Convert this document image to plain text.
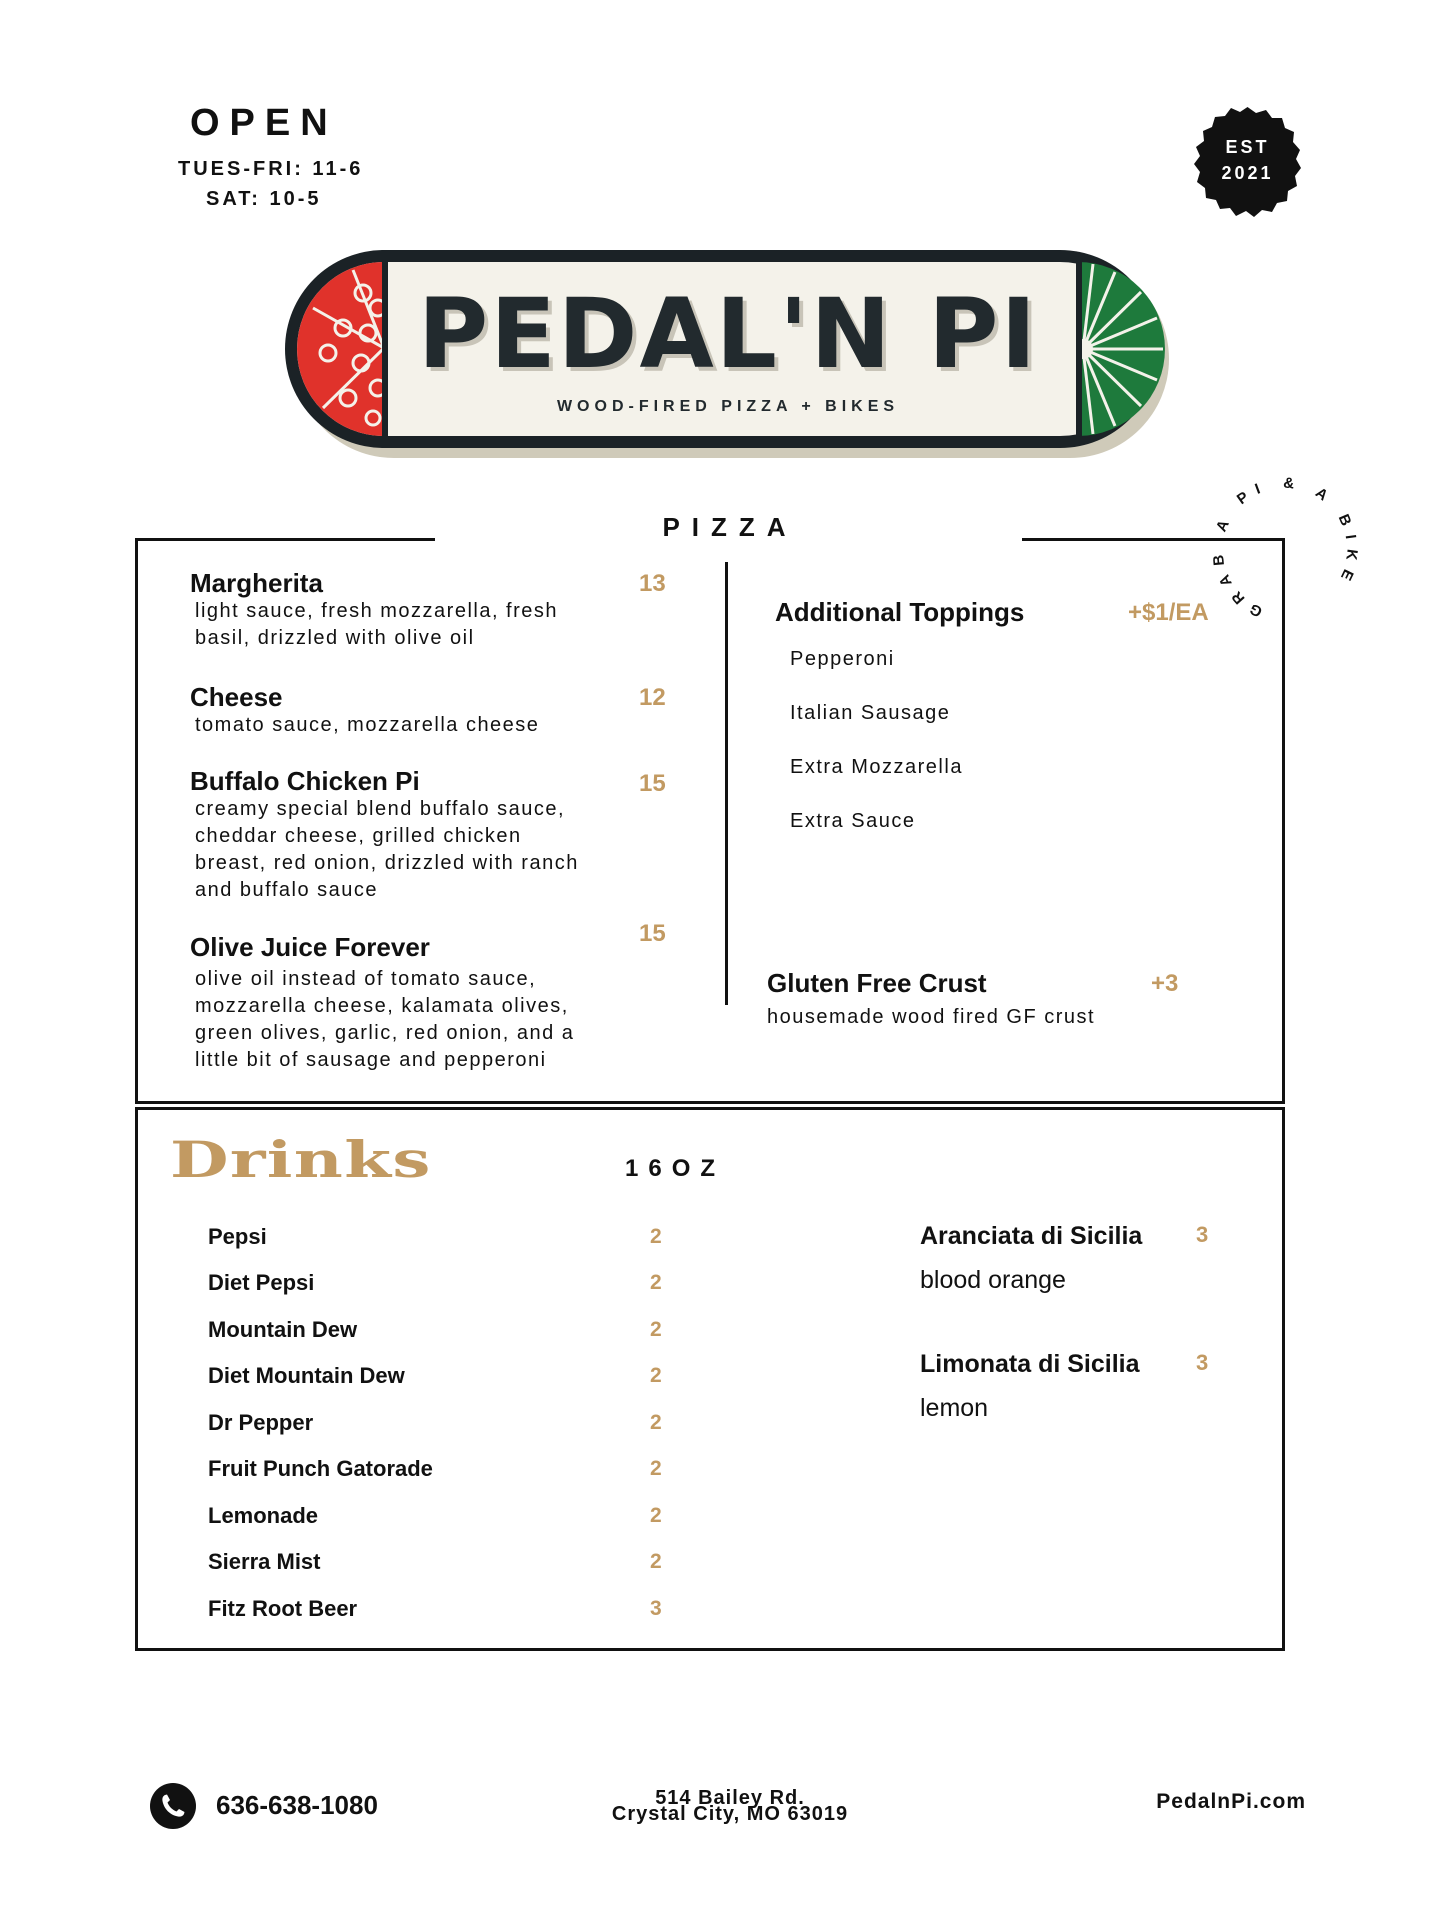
OPEN
TUES-FRI: 11-6
SAT: 10-5
EST
2021
PEDAL'N PI
WOOD-FIRED PIZZA + BIKES
GRAB A PI & A BIKE
PIZZA
Margherita	13
light sauce, fresh mozzarella, fresh
basil, drizzled with olive oil
Cheese	12
tomato sauce, mozzarella cheese
Buffalo Chicken Pi	15
creamy special blend buffalo sauce,
cheddar cheese, grilled chicken
breast, red onion, drizzled with ranch
and buffalo sauce
Olive Juice Forever	15
olive oil instead of tomato sauce,
mozzarella cheese, kalamata olives,
green olives, garlic, red onion, and a
little bit of sausage and pepperoni
Additional Toppings	+$1/EA
Pepperoni
Italian Sausage
Extra Mozzarella
Extra Sauce
Gluten Free Crust	+3
housemade wood fired GF crust
Drinks	16OZ
Pepsi	2
Diet Pepsi	2
Mountain Dew	2
Diet Mountain Dew	2
Dr Pepper	2
Fruit Punch Gatorade	2
Lemonade	2
Sierra Mist	2
Fitz Root Beer	3
Aranciata di Sicilia 3
blood orange
Limonata di Sicilia	3
lemon
636-638-1080	514 Bailey Rd.
Crystal City, MO 63019
PedalnPi.com
